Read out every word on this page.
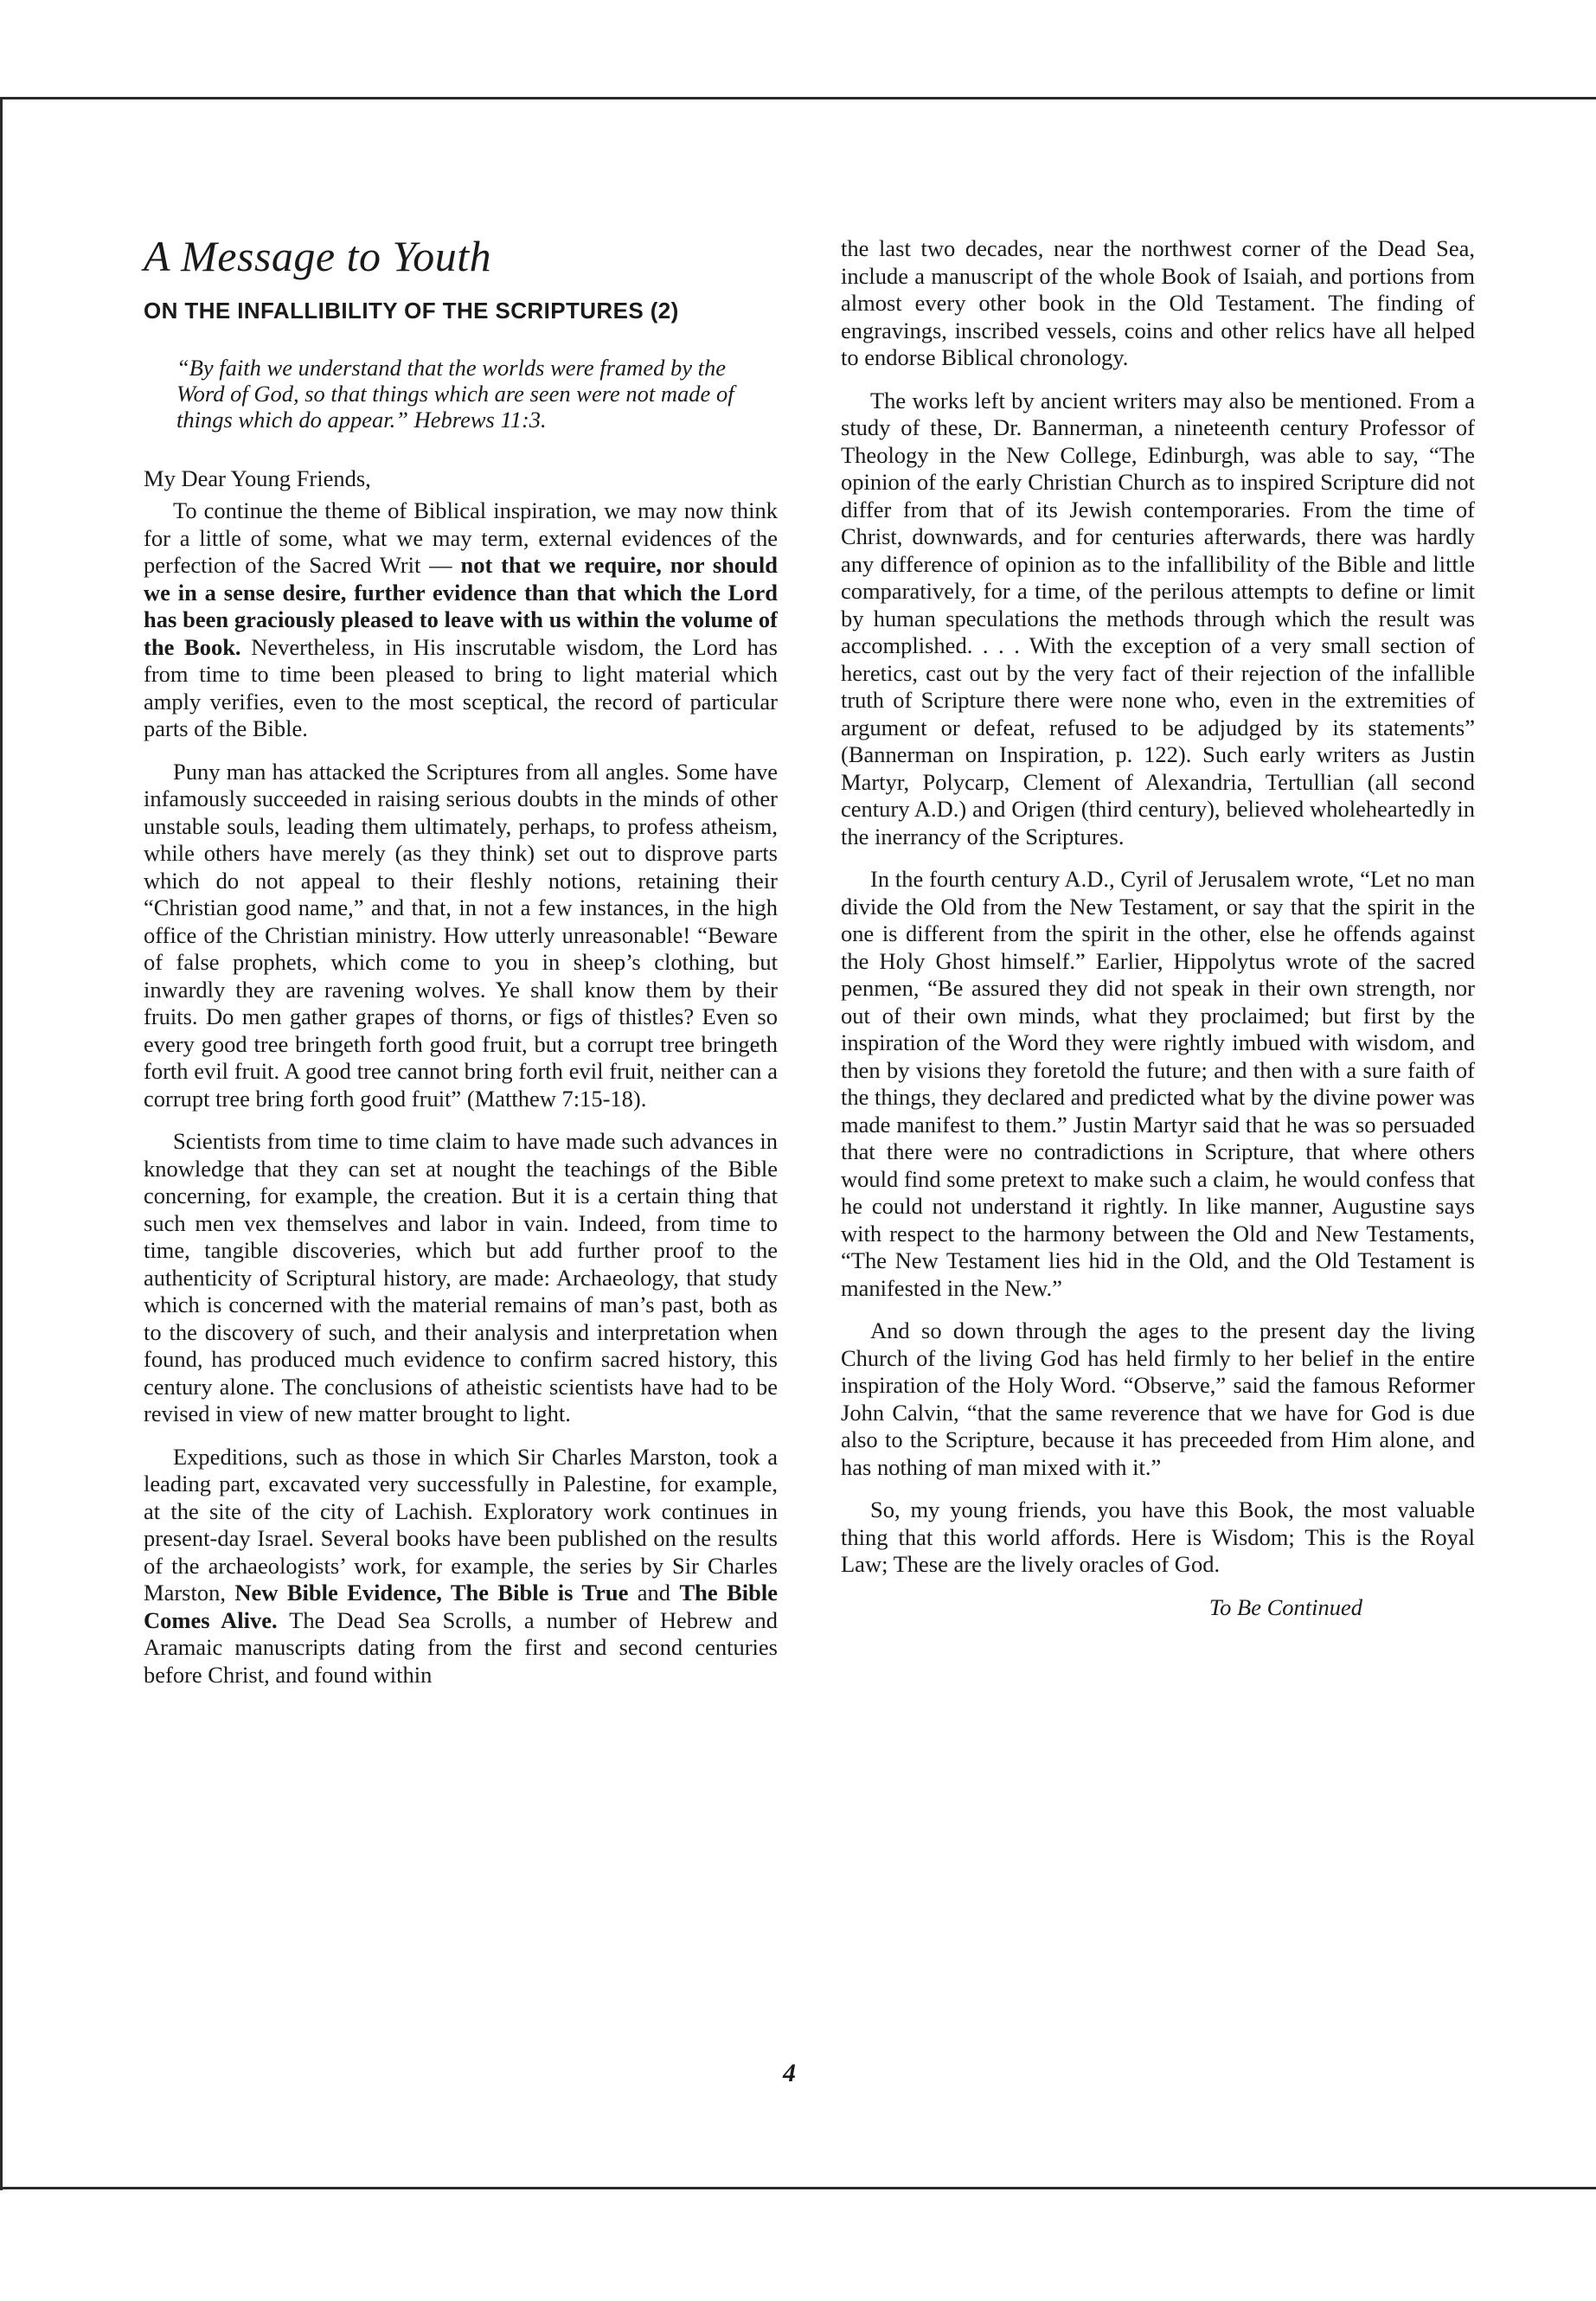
A Message to Youth
ON THE INFALLIBILITY OF THE SCRIPTURES (2)
“By faith we understand that the worlds were framed by the Word of God, so that things which are seen were not made of things which do appear.” Hebrews 11:3.
My Dear Young Friends,

To continue the theme of Biblical inspiration, we may now think for a little of some, what we may term, external evidences of the perfection of the Sacred Writ — not that we require, nor should we in a sense desire, further evidence than that which the Lord has been graciously pleased to leave with us within the volume of the Book. Nevertheless, in His inscrutable wisdom, the Lord has from time to time been pleased to bring to light material which amply verifies, even to the most sceptical, the record of particular parts of the Bible.

Puny man has attacked the Scriptures from all angles. Some have infamously succeeded in raising serious doubts in the minds of other unstable souls, leading them ultimately, perhaps, to profess atheism, while others have merely (as they think) set out to disprove parts which do not appeal to their fleshly notions, retaining their “Christian good name,” and that, in not a few instances, in the high office of the Christian ministry. How utterly unreasonable! “Beware of false prophets, which come to you in sheep’s clothing, but inwardly they are ravening wolves. Ye shall know them by their fruits. Do men gather grapes of thorns, or figs of thistles? Even so every good tree bringeth forth good fruit, but a corrupt tree bringeth forth evil fruit. A good tree cannot bring forth evil fruit, neither can a corrupt tree bring forth good fruit” (Matthew 7:15-18).

Scientists from time to time claim to have made such advances in knowledge that they can set at nought the teachings of the Bible concerning, for example, the creation. But it is a certain thing that such men vex themselves and labor in vain. Indeed, from time to time, tangible discoveries, which but add further proof to the authenticity of Scriptural history, are made: Archaeology, that study which is concerned with the material remains of man’s past, both as to the discovery of such, and their analysis and interpretation when found, has produced much evidence to confirm sacred history, this century alone. The conclusions of atheistic scientists have had to be revised in view of new matter brought to light.

Expeditions, such as those in which Sir Charles Marston, took a leading part, excavated very successfully in Palestine, for example, at the site of the city of Lachish. Exploratory work continues in present-day Israel. Several books have been published on the results of the archaeologists’ work, for example, the series by Sir Charles Marston, New Bible Evidence, The Bible is True and The Bible Comes Alive. The Dead Sea Scrolls, a number of Hebrew and Aramaic manuscripts dating from the first and second centuries before Christ, and found within

the last two decades, near the northwest corner of the Dead Sea, include a manuscript of the whole Book of Isaiah, and portions from almost every other book in the Old Testament. The finding of engravings, inscribed vessels, coins and other relics have all helped to endorse Biblical chronology.

The works left by ancient writers may also be mentioned. From a study of these, Dr. Bannerman, a nineteenth century Professor of Theology in the New College, Edinburgh, was able to say, “The opinion of the early Christian Church as to inspired Scripture did not differ from that of its Jewish contemporaries. From the time of Christ, downwards, and for centuries afterwards, there was hardly any difference of opinion as to the infallibility of the Bible and little comparatively, for a time, of the perilous attempts to define or limit by human speculations the methods through which the result was accomplished. . . . With the exception of a very small section of heretics, cast out by the very fact of their rejection of the infallible truth of Scripture there were none who, even in the extremities of argument or defeat, refused to be adjudged by its statements” (Bannerman on Inspiration, p. 122). Such early writers as Justin Martyr, Polycarp, Clement of Alexandria, Tertullian (all second century A.D.) and Origen (third century), believed wholeheartedly in the inerrancy of the Scriptures.

In the fourth century A.D., Cyril of Jerusalem wrote, “Let no man divide the Old from the New Testament, or say that the spirit in the one is different from the spirit in the other, else he offends against the Holy Ghost himself.” Earlier, Hippolytus wrote of the sacred penmen, “Be assured they did not speak in their own strength, nor out of their own minds, what they proclaimed; but first by the inspiration of the Word they were rightly imbued with wisdom, and then by visions they foretold the future; and then with a sure faith of the things, they declared and predicted what by the divine power was made manifest to them.” Justin Martyr said that he was so persuaded that there were no contradictions in Scripture, that where others would find some pretext to make such a claim, he would confess that he could not understand it rightly. In like manner, Augustine says with respect to the harmony between the Old and New Testaments, “The New Testament lies hid in the Old, and the Old Testament is manifested in the New.”

And so down through the ages to the present day the living Church of the living God has held firmly to her belief in the entire inspiration of the Holy Word. “Observe,” said the famous Reformer John Calvin, “that the same reverence that we have for God is due also to the Scripture, because it has preceeded from Him alone, and has nothing of man mixed with it.”

So, my young friends, you have this Book, the most valuable thing that this world affords. Here is Wisdom; This is the Royal Law; These are the lively oracles of God.

To Be Continued
4
